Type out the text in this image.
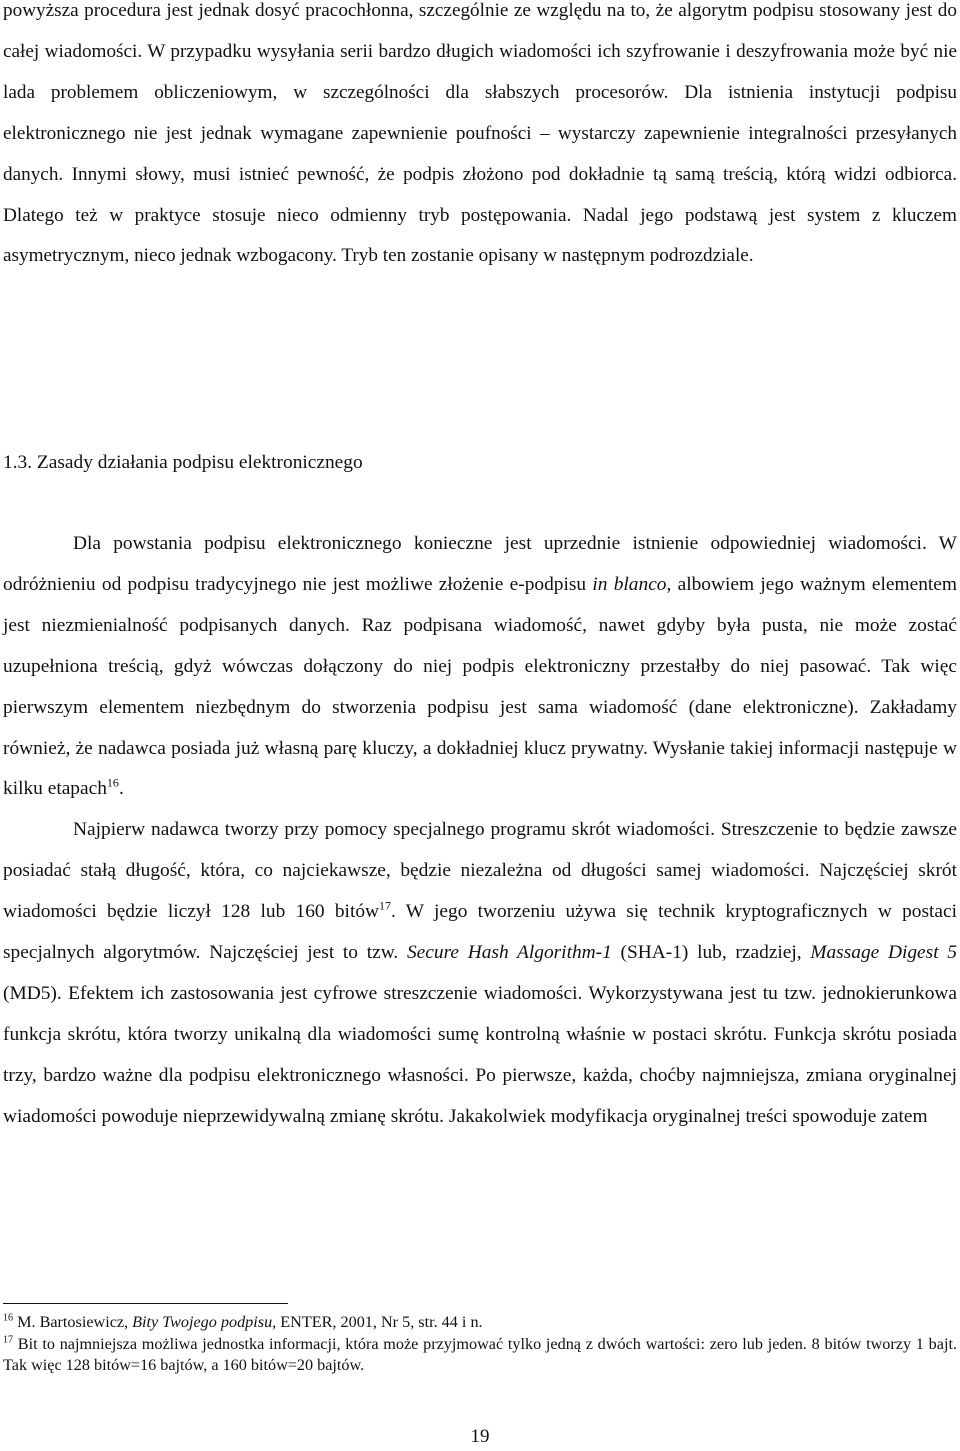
powyższa procedura jest jednak dosyć pracochłonna, szczególnie ze względu na to, że algorytm podpisu stosowany jest do całej wiadomości. W przypadku wysyłania serii bardzo długich wiadomości ich szyfrowanie i deszyfrowania może być nie lada problemem obliczeniowym, w szczególności dla słabszych procesorów. Dla istnienia instytucji podpisu elektronicznego nie jest jednak wymagane zapewnienie poufności – wystarczy zapewnienie integralności przesyłanych danych. Innymi słowy, musi istnieć pewność, że podpis złożono pod dokładnie tą samą treścią, którą widzi odbiorca. Dlatego też w praktyce stosuje nieco odmienny tryb postępowania. Nadal jego podstawą jest system z kluczem asymetrycznym, nieco jednak wzbogacony. Tryb ten zostanie opisany w następnym podrozdziale.

1.3. Zasady działania podpisu elektronicznego

Dla powstania podpisu elektronicznego konieczne jest uprzednie istnienie odpowiedniej wiadomości. W odróżnieniu od podpisu tradycyjnego nie jest możliwe złożenie e-podpisu in blanco, albowiem jego ważnym elementem jest niezmienialność podpisanych danych. Raz podpisana wiadomość, nawet gdyby była pusta, nie może zostać uzupełniona treścią, gdyż wówczas dołączony do niej podpis elektroniczny przestałby do niej pasować. Tak więc pierwszym elementem niezbędnym do stworzenia podpisu jest sama wiadomość (dane elektroniczne). Zakładamy również, że nadawca posiada już własną parę kluczy, a dokładniej klucz prywatny. Wysłanie takiej informacji następuje w kilku etapach$^{16}$.

Najpierw nadawca tworzy przy pomocy specjalnego programu skrót wiadomości. Streszczenie to będzie zawsze posiadać stałą długość, która, co najciekawsze, będzie niezależna od długości samej wiadomości. Najczęściej skrót wiadomości będzie liczył 128 lub 160 bitów$^{17}$. W jego tworzeniu używa się technik kryptograficznych w postaci specjalnych algorytmów. Najczęściej jest to tzw. Secure Hash Algorithm-1 (SHA-1) lub, rzadziej, Massage Digest 5 (MD5). Efektem ich zastosowania jest cyfrowe streszczenie wiadomości. Wykorzystywana jest tu tzw. jednokierunkowa funkcja skrótu, która tworzy unikalną dla wiadomości sumę kontrolną właśnie w postaci skrótu. Funkcja skrótu posiada trzy, bardzo ważne dla podpisu elektronicznego własności. Po pierwsze, każda, choćby najmniejsza, zmiana oryginalnej wiadomości powoduje nieprzewidywalną zmianę skrótu. Jakakolwiek modyfikacja oryginalnej treści spowoduje zatem

$^{16}$ M. Bartosiewicz, Bity Twojego podpisu, ENTER, 2001, Nr 5, str. 44 i n.

$^{17}$ Bit to najmniejsza możliwa jednostka informacji, która może przyjmować tylko jedną z dwóch wartości: zero lub jeden. 8 bitów tworzy 1 bajt. Tak więc 128 bitów=16 bajtów, a 160 bitów=20 bajtów.

19
